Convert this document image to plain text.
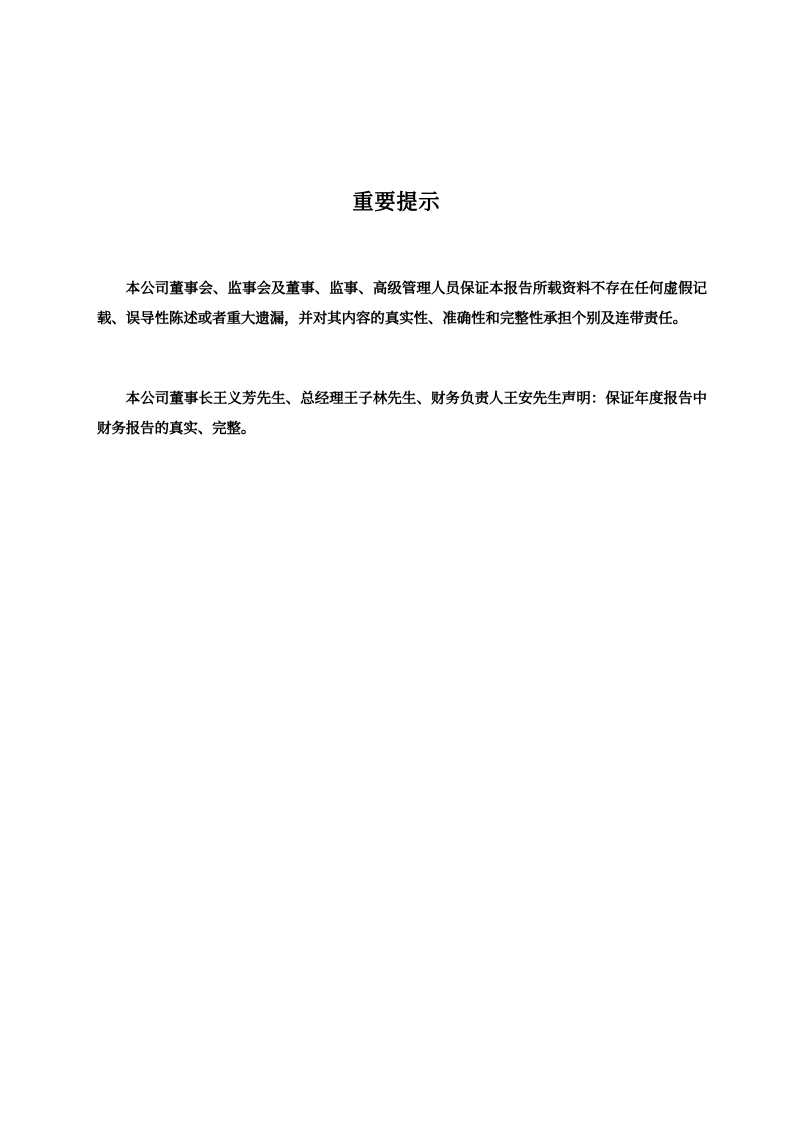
重要提示

本公司董事会、监事会及董事、监事、高级管理人员保证本报告所载资料不存在任何虚假记载、误导性陈述或者重大遗漏，并对其内容的真实性、准确性和完整性承担个别及连带责任。

本公司董事长王义芳先生、总经理王子林先生、财务负责人王安先生声明：保证年度报告中财务报告的真实、完整。
